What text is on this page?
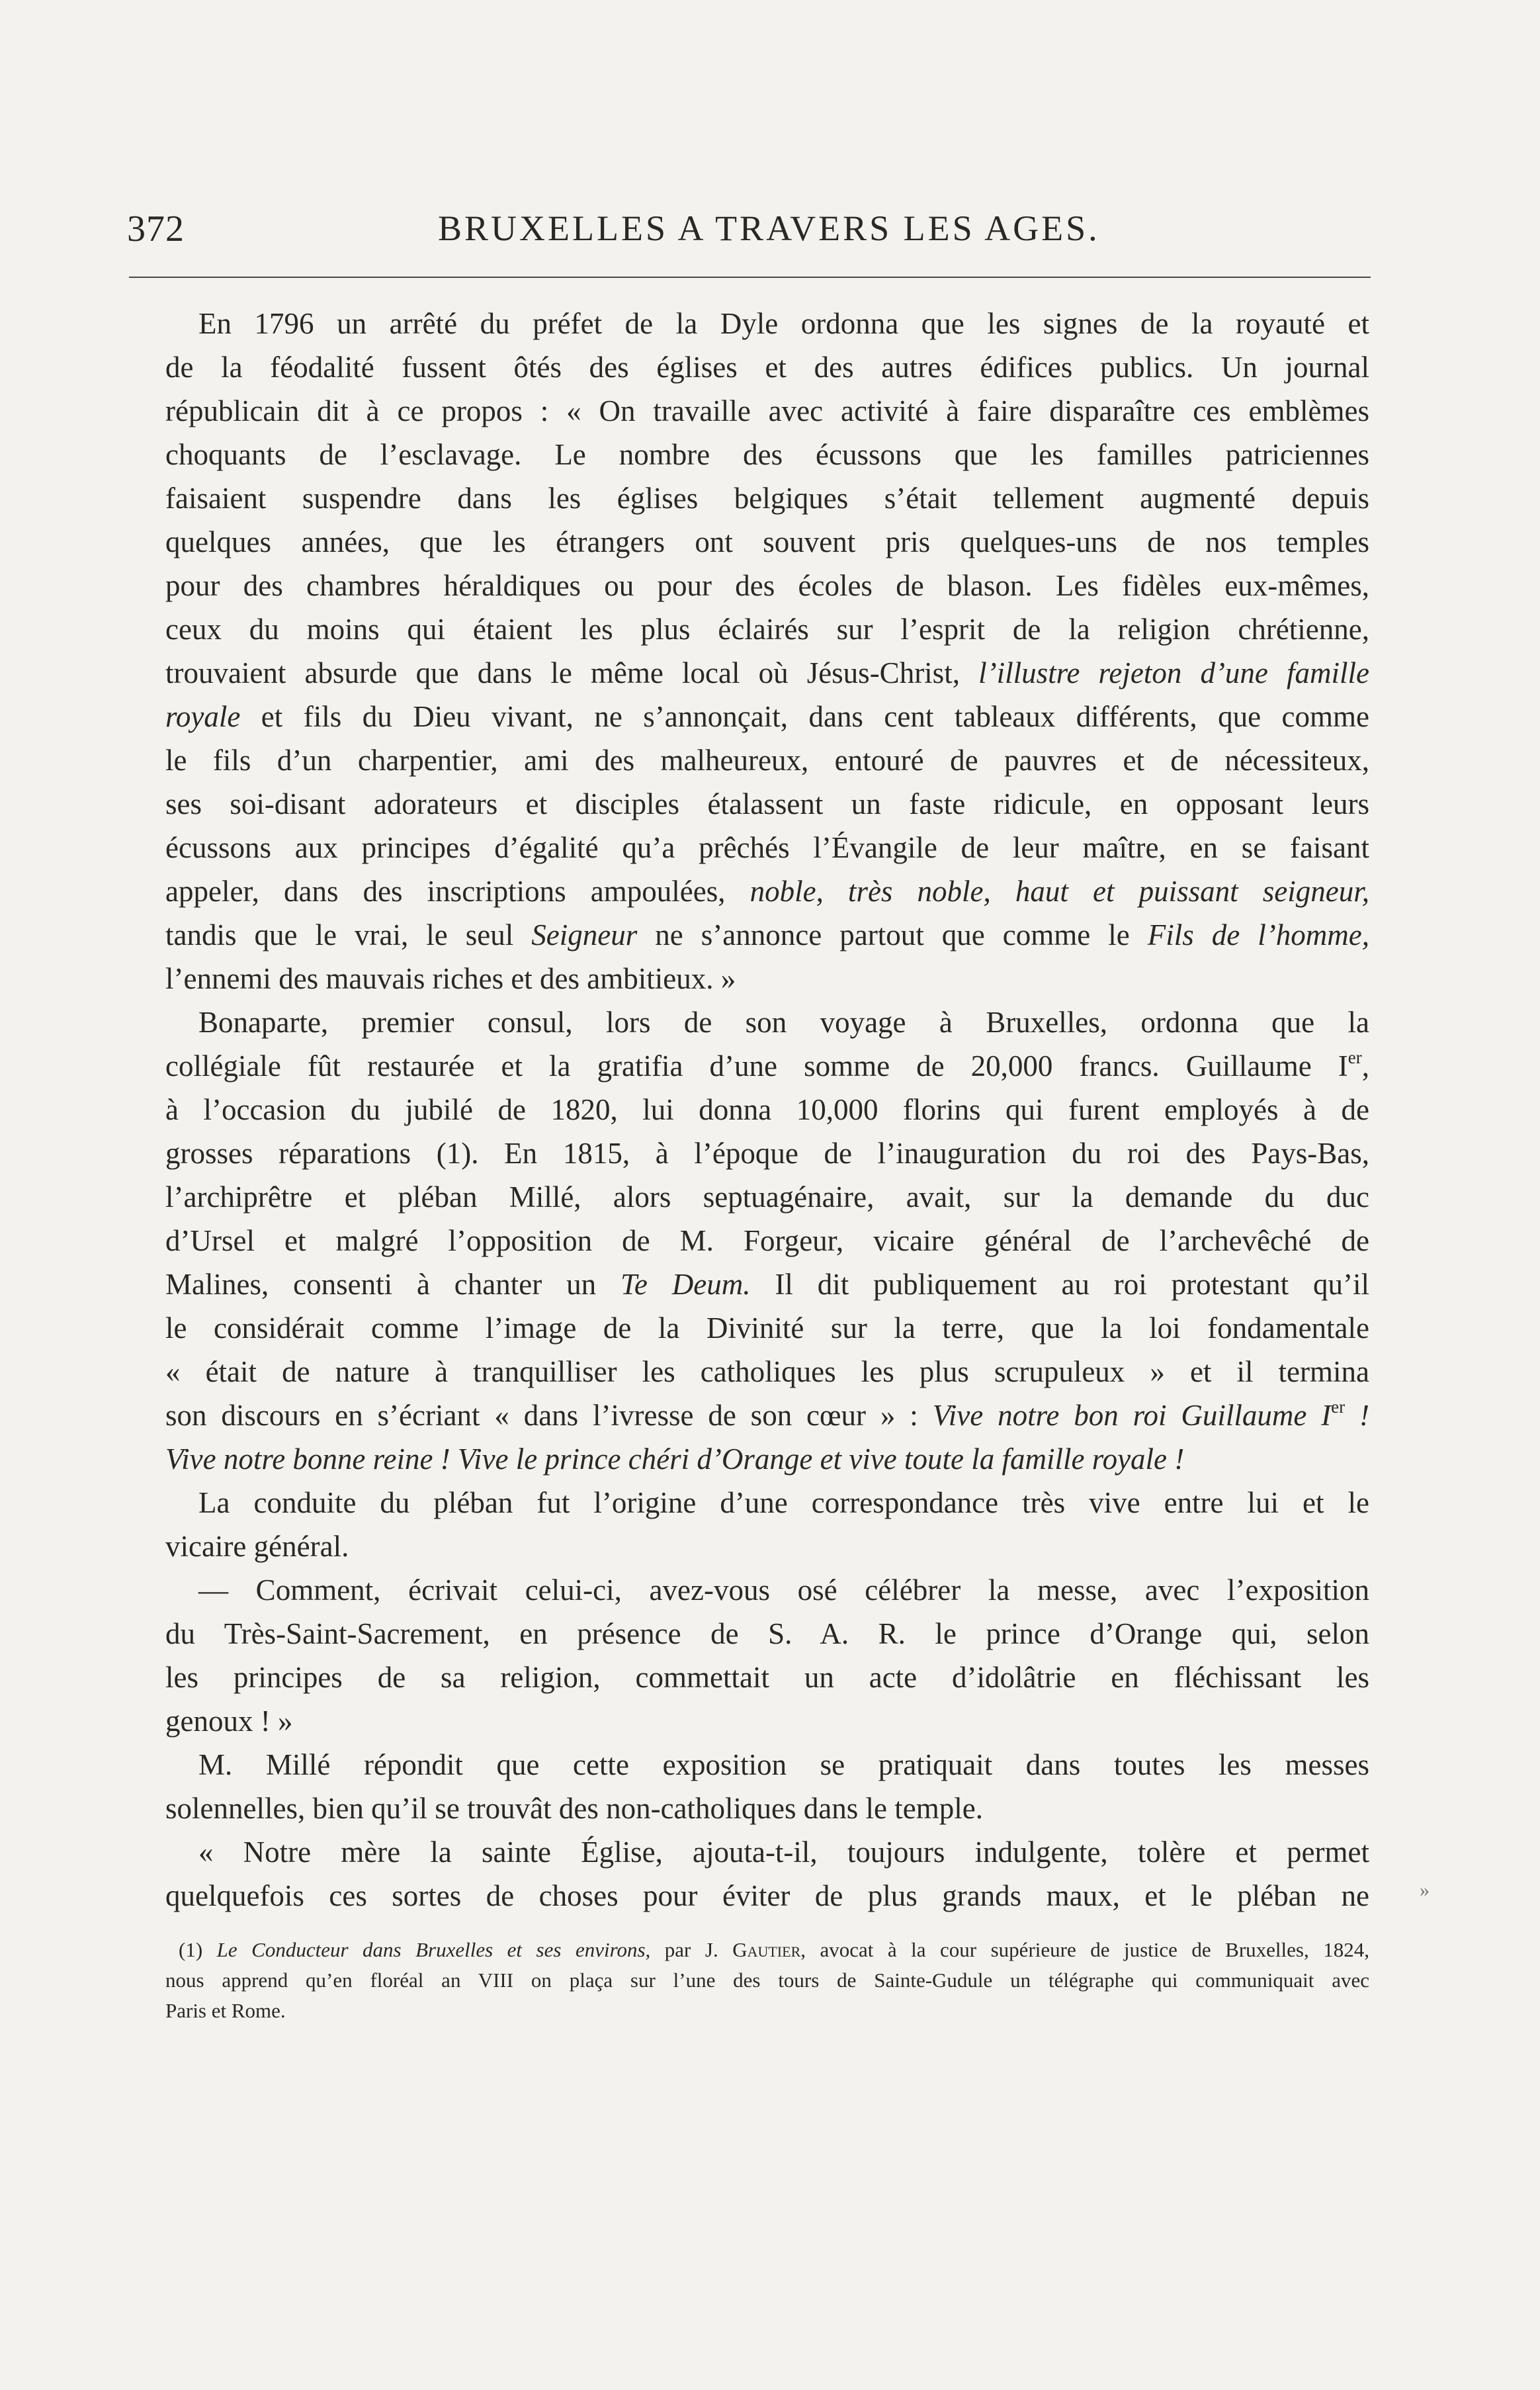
372	BRUXELLES A TRAVERS LES AGES.
En 1796 un arrêté du préfet de la Dyle ordonna que les signes de la royauté et
de la féodalité fussent ôtés des églises et des autres édifices publics. Un journal
républicain dit à ce propos : « On travaille avec activité à faire disparaître ces emblèmes
choquants de l’esclavage. Le nombre des écussons que les familles patriciennes
faisaient suspendre dans les églises belgiques s’était tellement augmenté depuis
quelques années, que les étrangers ont souvent pris quelques-uns de nos temples
pour des chambres héraldiques ou pour des écoles de blason. Les fidèles eux-mêmes,
ceux du moins qui étaient les plus éclairés sur l’esprit de la religion chrétienne,
trouvaient absurde que dans le même local où Jésus-Christ, l’illustre rejeton d’une famille
royale et fils du Dieu vivant, ne s’annonçait, dans cent tableaux différents, que comme
le fils d’un charpentier, ami des malheureux, entouré de pauvres et de nécessiteux,
ses soi-disant adorateurs et disciples étalassent un faste ridicule, en opposant leurs
écussons aux principes d’égalité qu’a prêchés l’Évangile de leur maître, en se faisant
appeler, dans des inscriptions ampoulées, noble, très noble, haut et puissant seigneur,
tandis que le vrai, le seul Seigneur ne s’annonce partout que comme le Fils de l’homme,
l’ennemi des mauvais riches et des ambitieux. »
Bonaparte, premier consul, lors de son voyage à Bruxelles, ordonna que la
collégiale fût restaurée et la gratifia d’une somme de 20,000 francs. Guillaume Ier,
à l’occasion du jubilé de 1820, lui donna 10,000 florins qui furent employés à de
grosses réparations (1). En 1815, à l’époque de l’inauguration du roi des Pays-Bas,
l’archiprêtre et pléban Millé, alors septuagénaire, avait, sur la demande du duc
d’Ursel et malgré l’opposition de M. Forgeur, vicaire général de l’archevêché de
Malines, consenti à chanter un Te Deum. Il dit publiquement au roi protestant qu’il
le considérait comme l’image de la Divinité sur la terre, que la loi fondamentale
« était de nature à tranquilliser les catholiques les plus scrupuleux » et il termina
son discours en s’écriant « dans l’ivresse de son cœur » : Vive notre bon roi Guillaume Ier !
Vive notre bonne reine ! Vive le prince chéri d’Orange et vive toute la famille royale !
La conduite du pléban fut l’origine d’une correspondance très vive entre lui et le
vicaire général.
— Comment, écrivait celui-ci, avez-vous osé célébrer la messe, avec l’exposition
du Très-Saint-Sacrement, en présence de S. A. R. le prince d’Orange qui, selon
les principes de sa religion, commettait un acte d’idolâtrie en fléchissant les
genoux ! »
M. Millé répondit que cette exposition se pratiquait dans toutes les messes
solennelles, bien qu’il se trouvât des non-catholiques dans le temple.
« Notre mère la sainte Église, ajouta-t-il, toujours indulgente, tolère et permet
quelquefois ces sortes de choses pour éviter de plus grands maux, et le pléban ne	»
(1) Le Conducteur dans Bruxelles et ses environs, par J. Gautier, avocat à la cour supérieure de justice de Bruxelles, 1824,
nous apprend qu’en floréal an VIII on plaça sur l’une des tours de Sainte-Gudule un télégraphe qui communiquait avec
Paris et Rome.
